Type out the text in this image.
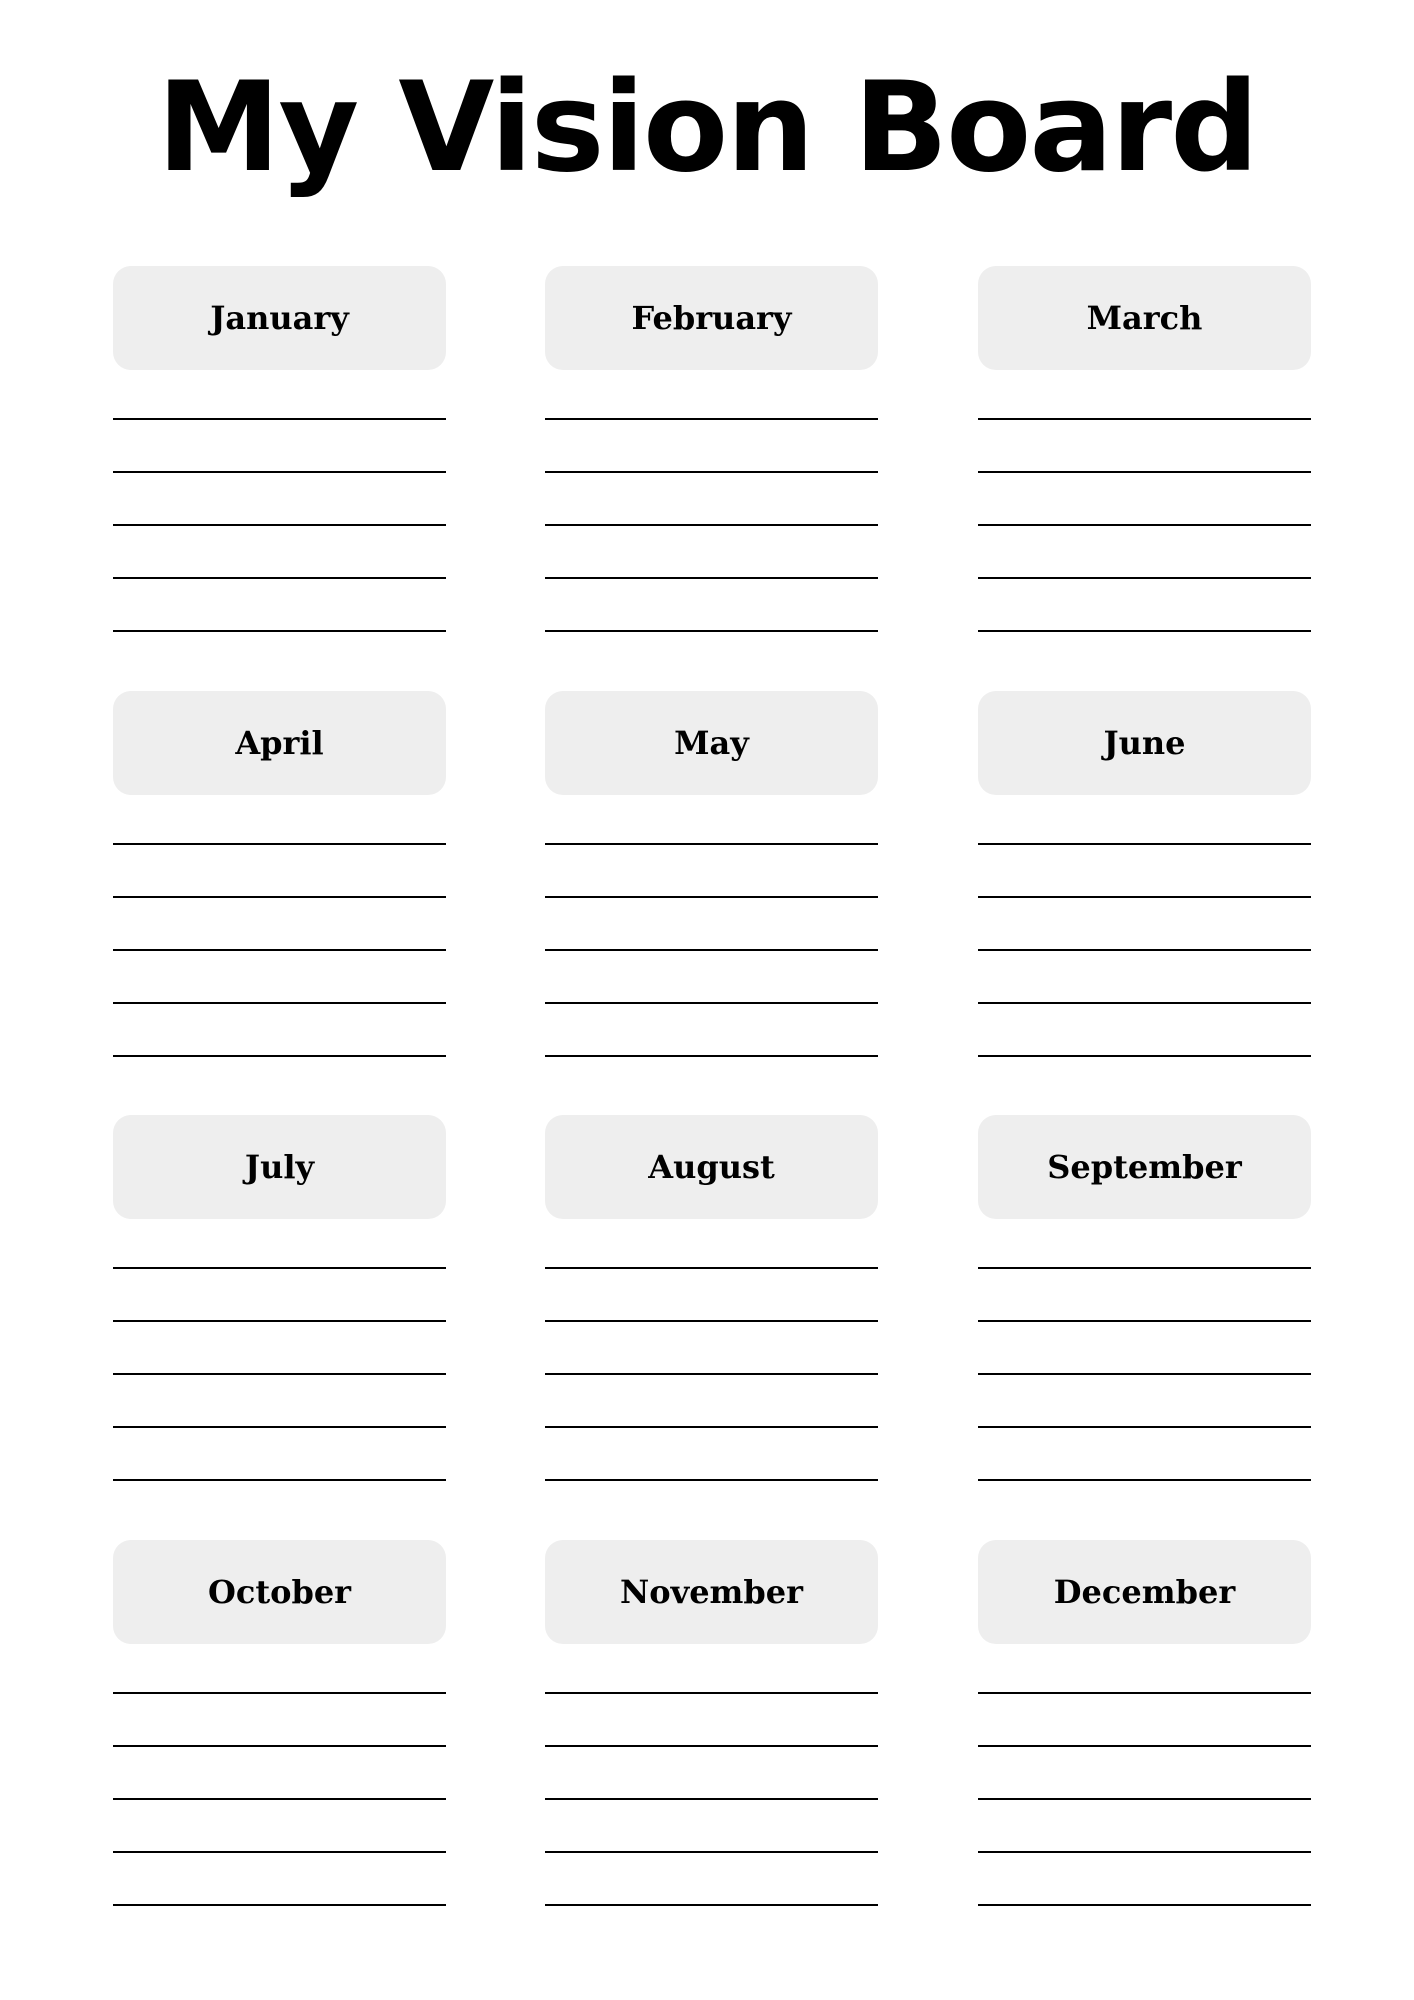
My Vision Board
January	February	March
April	May	June
July	August	September
October	November	December
